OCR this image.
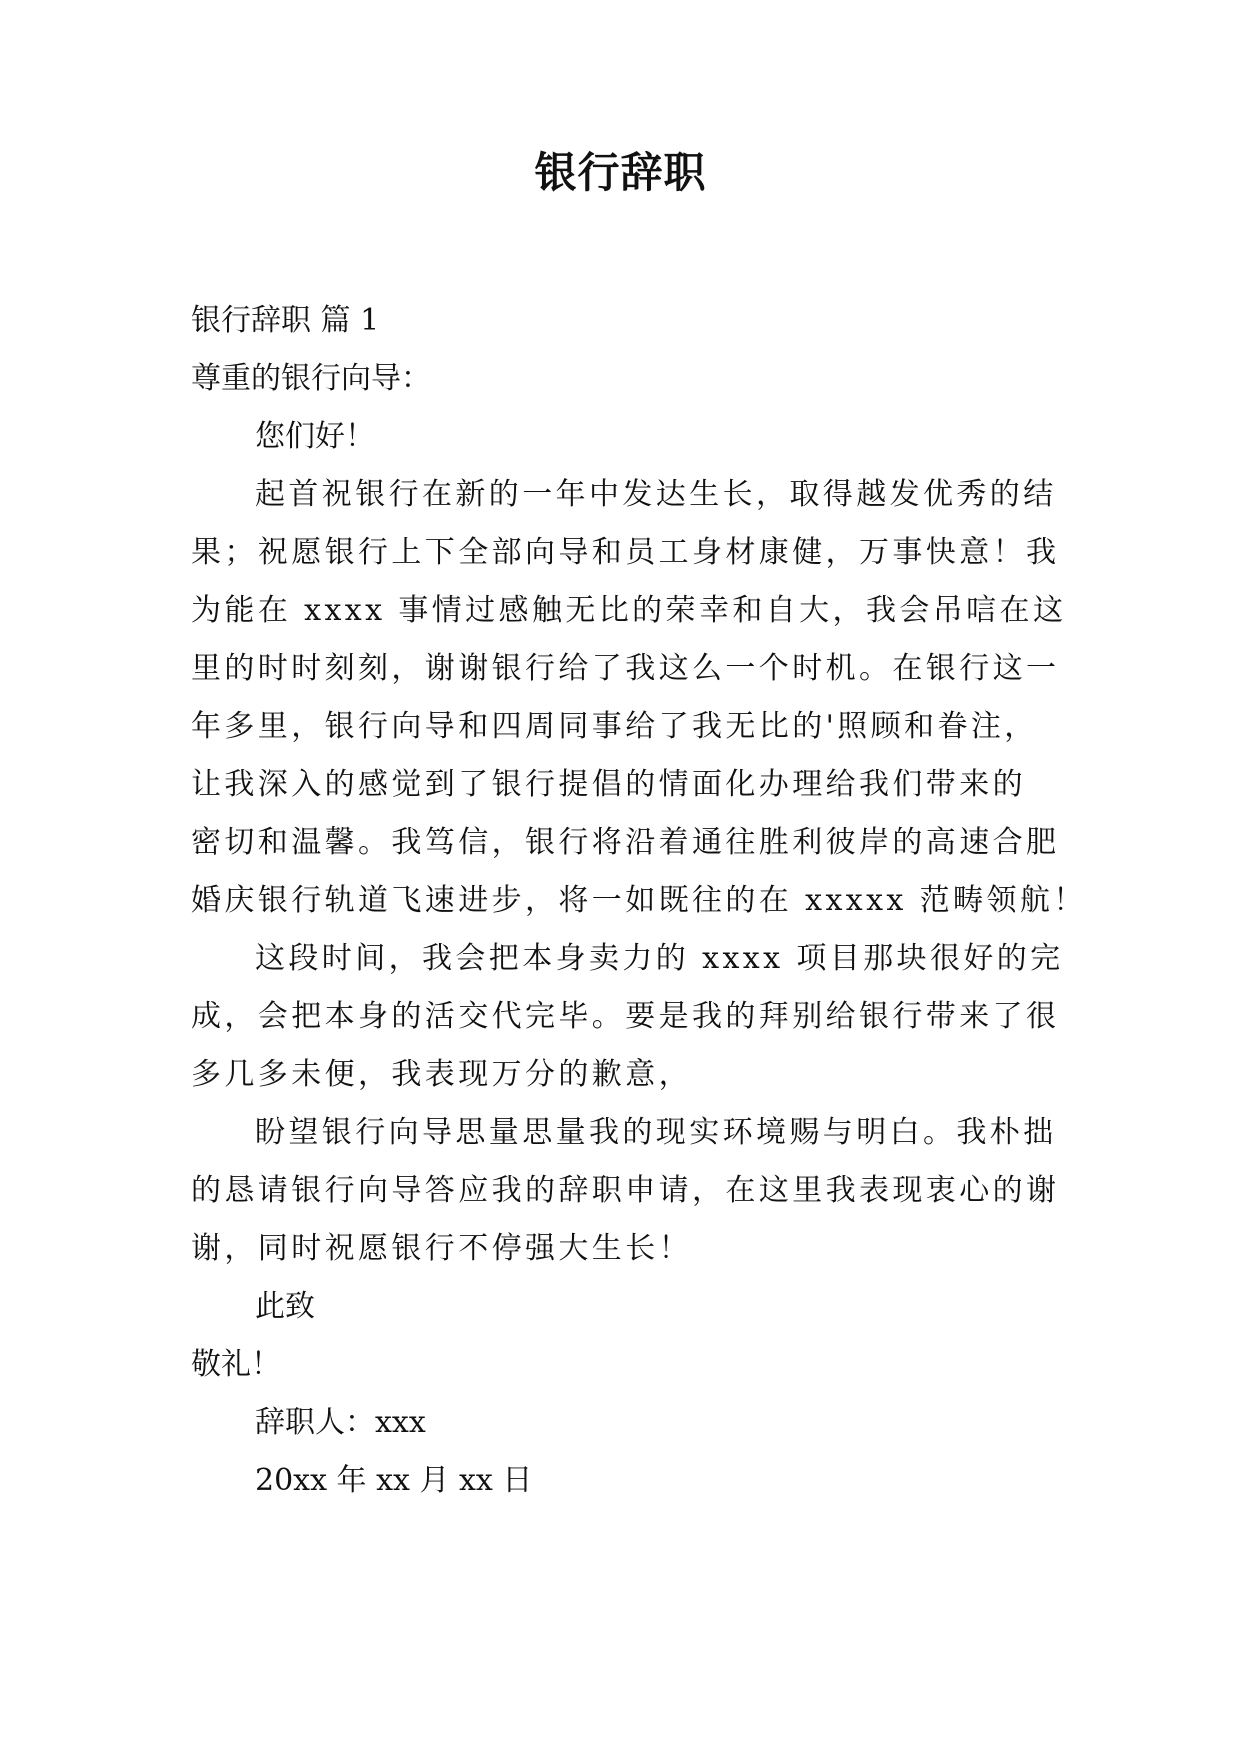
银行辞职
银行辞职 篇 1
尊重的银行向导：
您们好！
起首祝银行在新的一年中发达生长，取得越发优秀的结
果；祝愿银行上下全部向导和员工身材康健，万事快意！我
为能在 xxxx 事情过感触无比的荣幸和自大，我会吊唁在这
里的时时刻刻，谢谢银行给了我这么一个时机。在银行这一
年多里，银行向导和四周同事给了我无比的'照顾和眷注，
让我深入的感觉到了银行提倡的情面化办理给我们带来的
密切和温馨。我笃信，银行将沿着通往胜利彼岸的高速合肥
婚庆银行轨道飞速进步，将一如既往的在 xxxxx 范畴领航！
这段时间，我会把本身卖力的 xxxx 项目那块很好的完
成，会把本身的活交代完毕。要是我的拜别给银行带来了很
多几多未便，我表现万分的歉意，
盼望银行向导思量思量我的现实环境赐与明白。我朴拙
的恳请银行向导答应我的辞职申请，在这里我表现衷心的谢
谢，同时祝愿银行不停强大生长！
此致
敬礼！
辞职人：xxx
20xx 年 xx 月 xx 日
